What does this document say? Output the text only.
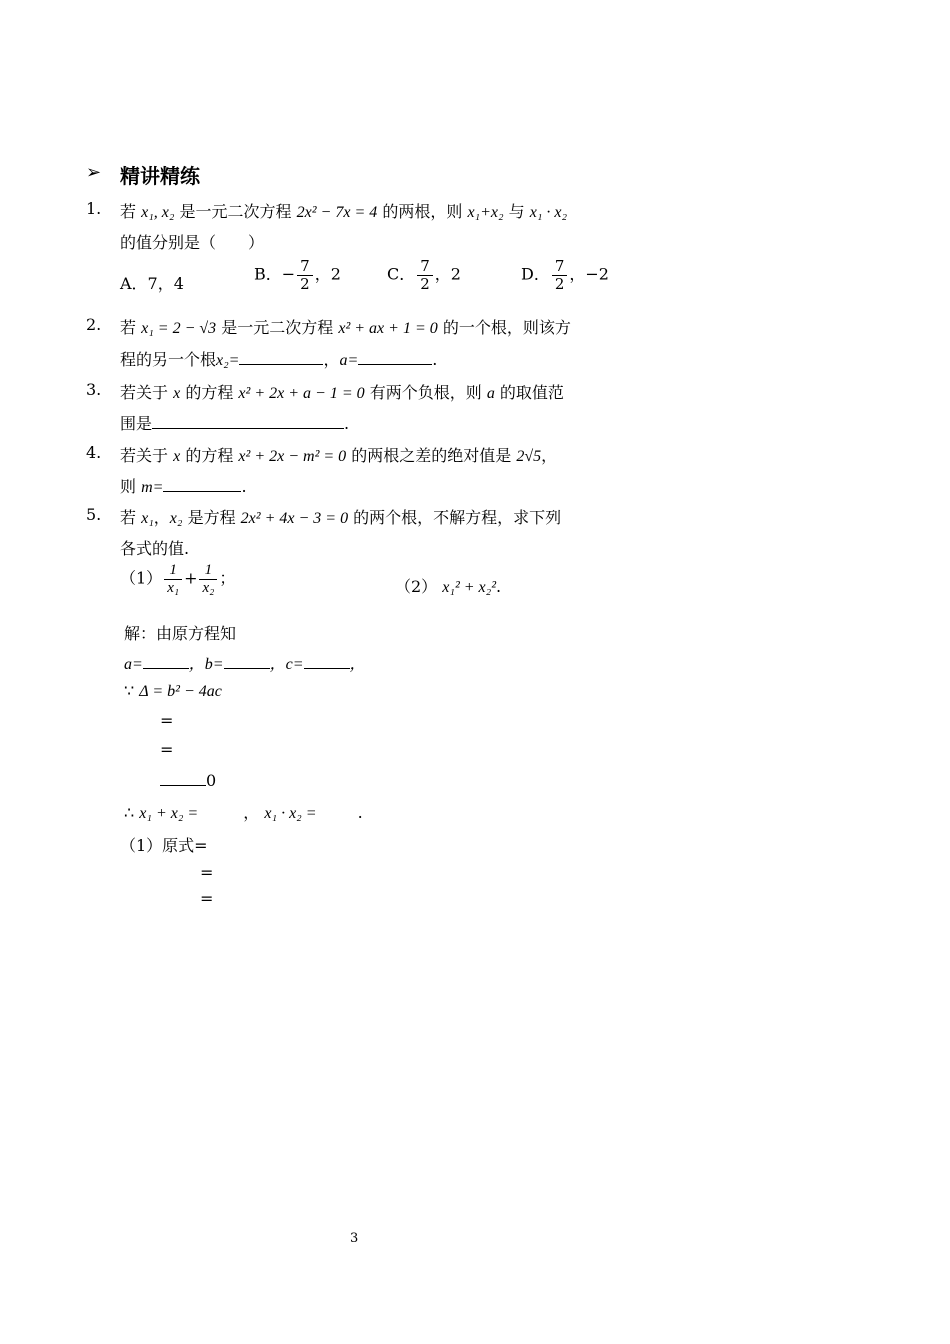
➢ 精讲精练
1.	若 x₁, x₂ 是一元二次方程 2x² − 7x = 4 的两根，则 x₁+x₂ 与 x₁ · x₂
的值分别是（　　）
A．7，4	B．− $\frac{7}{2}$ ，2	C． $\frac{7}{2}$ ，2	D． $\frac{7}{2}$ ，−2
2.	若 x₁ = 2 − √3 是一元二次方程 x² + ax + 1 = 0 的一个根，则该方
程的另一个根x₂=	，a=	.
3.	若关于 x 的方程 x² + 2x + a − 1 = 0 有两个负根，则 a 的取值范
围是	.
4.	若关于 x 的方程 x² + 2x − m² = 0 的两根之差的绝对值是 2√5，
则 m=	.
5.	若 x₁，x₂ 是方程 2x² + 4x − 3 = 0 的两个根，不解方程，求下列
各式的值.
$(1) \frac{1}{\text{x₁}} + \frac{1}{\text{x₂}}$ ；	（2） x₁² + x₂².
解：由原方程知
a=	，b=	，c=	，
∵ Δ = b² − 4ac
=
=
0
∴ x₁ + x₂ =	， x₁ · x₂ =	.
（1）原式=
=
=
3
